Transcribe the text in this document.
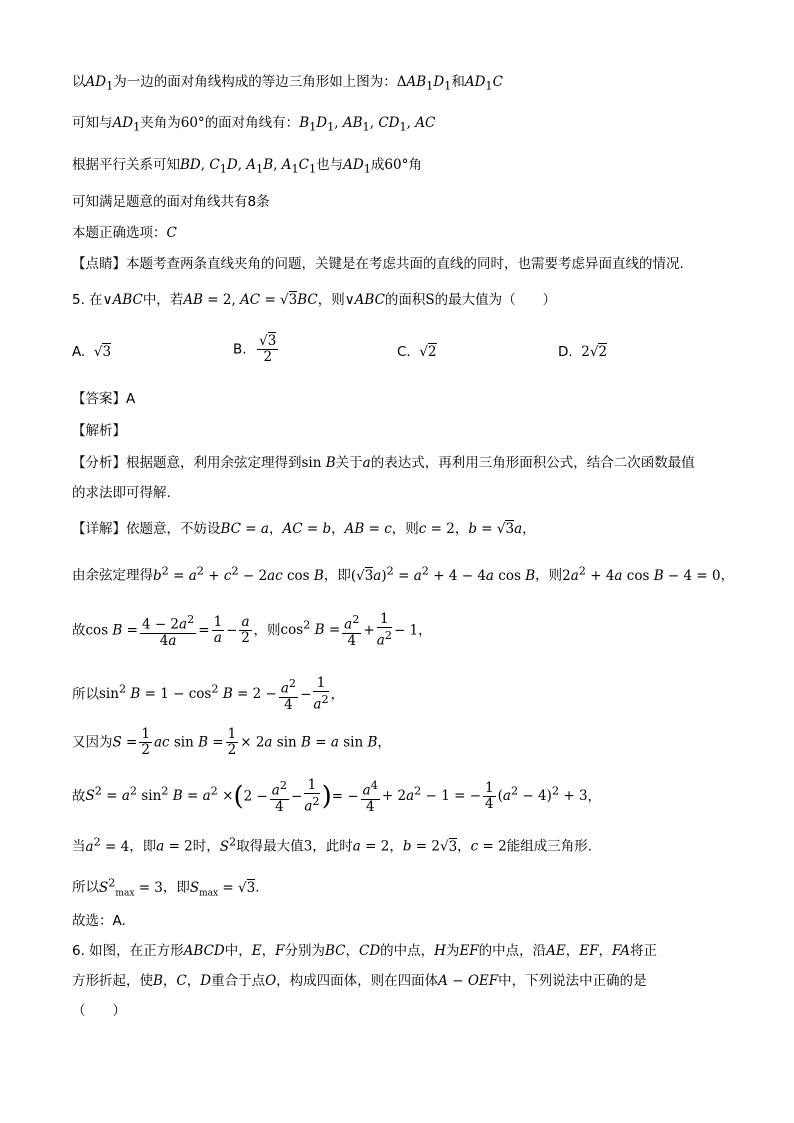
以$AD_1$为一边的面对角线构成的等边三角形如上图为：$\Delta AB_1D_1$和$AD_1C$
可知与$AD_1$夹角为60°的面对角线有：$B_1D_1$, $AB_1$, $CD_1$, AC
根据平行关系可知BD, $C_1D$, $A_1B$, $A_1C_1$也与$AD_1$成60°角
可知满足题意的面对角线共有8条
本题正确选项：C
【点睛】本题考查两条直线夹角的问题，关键是在考虑共面的直线的同时，也需要考虑异面直线的情况.
5. 在∨ABC中，若AB = 2, AC = √3BC，则∨ABC的面积S的最大值为（　　）
A.  √3	B. $\frac{√3}{2}$	C.  √2	D.  2√2
【答案】A
【解析】
【分析】根据题意，利用余弦定理得到sin B关于a的表达式，再利用三角形面积公式，结合二次函数最值
的求法即可得解.
【详解】依题意，不妨设BC = a，AC = b，AB = c，则c = 2，b = √3a，
由余弦定理得$b^2 = a^2 + c^2 - 2ac$ cos B，即$(√3a)^2 = a^2 + 4 - 4a$ cos B，则$2a^2 + 4a$ cos B − 4 = 0，
故$\cos B = \frac{4 - 2a^2}{4a} = \frac{1}{a} - \frac{a}{2}$ ，则$\cos^2 B = \frac{a^2}{4} + \frac{1}{a^2} - 1$，
所以$\sin^2 B = 1 - \cos^2 B = 2 - \frac{a^2}{4} - \frac{1}{a^2}$ ，
又因为$S = \frac{1}{2}$ ac $\sin B = \frac{1}{2} \times 2a$ sin B = a sin B，
故$S^2 = a^2$ $\sin^2 B = a^2 \times(2 - \frac{a^2}{4} - \frac{1}{a^2}$ )= − $\frac{a^4}{4} + 2a^2 - 1$ = − $\frac{1}{4} (a^2 - 4)^2 + 3$，
当$a^2 = 4$，即a = 2时，$S^2$取得最大值3，此时a = 2，b = 2√3，c = 2能组成三角形.
所以$S^2_{max} = 3$，即$S_{max} = √3$.
故选：A.
6. 如图，在正方形ABCD中，E，F分别为BC，CD的中点，H为EF的中点，沿AE，EF，FA将正
方形折起，使B，C，D重合于点O，构成四面体，则在四面体A − OEF中，下列说法中正确的是
（　　）
